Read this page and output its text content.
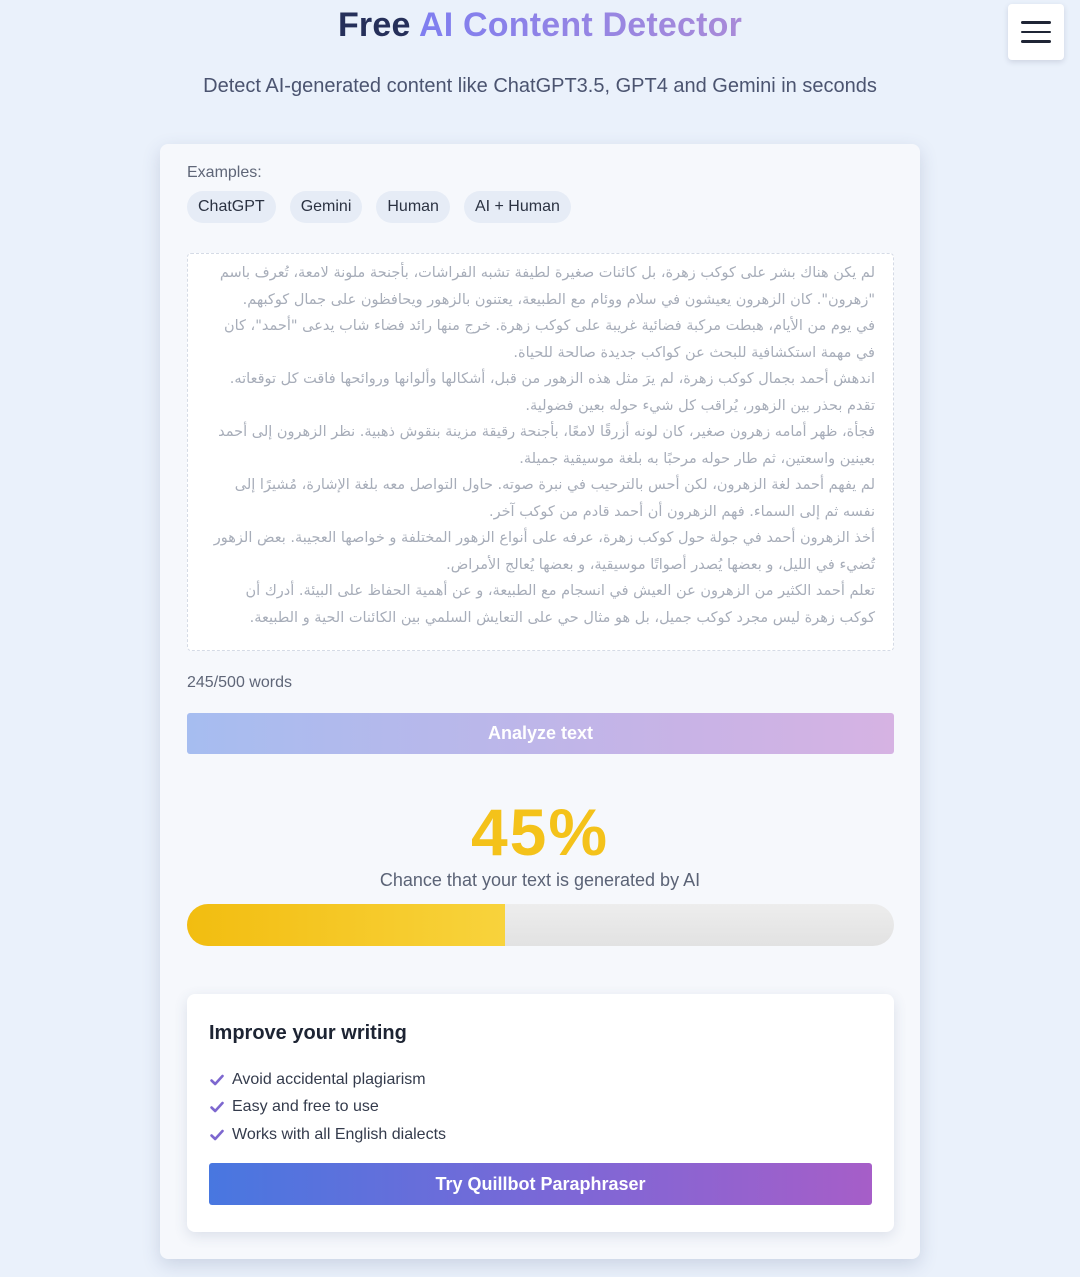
Free AI Content Detector
Detect AI-generated content like ChatGPT3.5, GPT4 and Gemini in seconds
Examples:
ChatGPT	Gemini	Human	AI + Human
لم يكن هناك بشر على كوكب زهرة، بل كائنات صغيرة لطيفة تشبه الفراشات، بأجنحة ملونة لامعة، تُعرف باسم "زهرون". كان الزهرون يعيشون في سلام ووئام مع الطبيعة، يعتنون بالزهور ويحافظون على جمال كوكبهم.
في يوم من الأيام، هبطت مركبة فضائية غريبة على كوكب زهرة. خرج منها رائد فضاء شاب يدعى "أحمد"، كان في مهمة استكشافية للبحث عن كواكب جديدة صالحة للحياة.
اندهش أحمد بجمال كوكب زهرة، لم يرَ مثل هذه الزهور من قبل، أشكالها وألوانها وروائحها فاقت كل توقعاته. تقدم بحذر بين الزهور، يُراقب كل شيء حوله بعين فضولية.
فجأة، ظهر أمامه زهرون صغير، كان لونه أزرقًا لامعًا، بأجنحة رقيقة مزينة بنقوش ذهبية. نظر الزهرون إلى أحمد بعينين واسعتين، ثم طار حوله مرحبًا به بلغة موسيقية جميلة.
لم يفهم أحمد لغة الزهرون، لكن أحس بالترحيب في نبرة صوته. حاول التواصل معه بلغة الإشارة، مُشيرًا إلى نفسه ثم إلى السماء. فهم الزهرون أن أحمد قادم من كوكب آخر.
أخذ الزهرون أحمد في جولة حول كوكب زهرة، عرفه على أنواع الزهور المختلفة و خواصها العجيبة. بعض الزهور تُضيء في الليل، و بعضها يُصدر أصواتًا موسيقية، و بعضها يُعالج الأمراض.
تعلم أحمد الكثير من الزهرون عن العيش في انسجام مع الطبيعة، و عن أهمية الحفاظ على البيئة. أدرك أن كوكب زهرة ليس مجرد كوكب جميل، بل هو مثال حي على التعايش السلمي بين الكائنات الحية و الطبيعة.
245/500 words
Analyze text
45%
Chance that your text is generated by AI
Improve your writing
Avoid accidental plagiarism
Easy and free to use
Works with all English dialects
Try Quillbot Paraphraser
